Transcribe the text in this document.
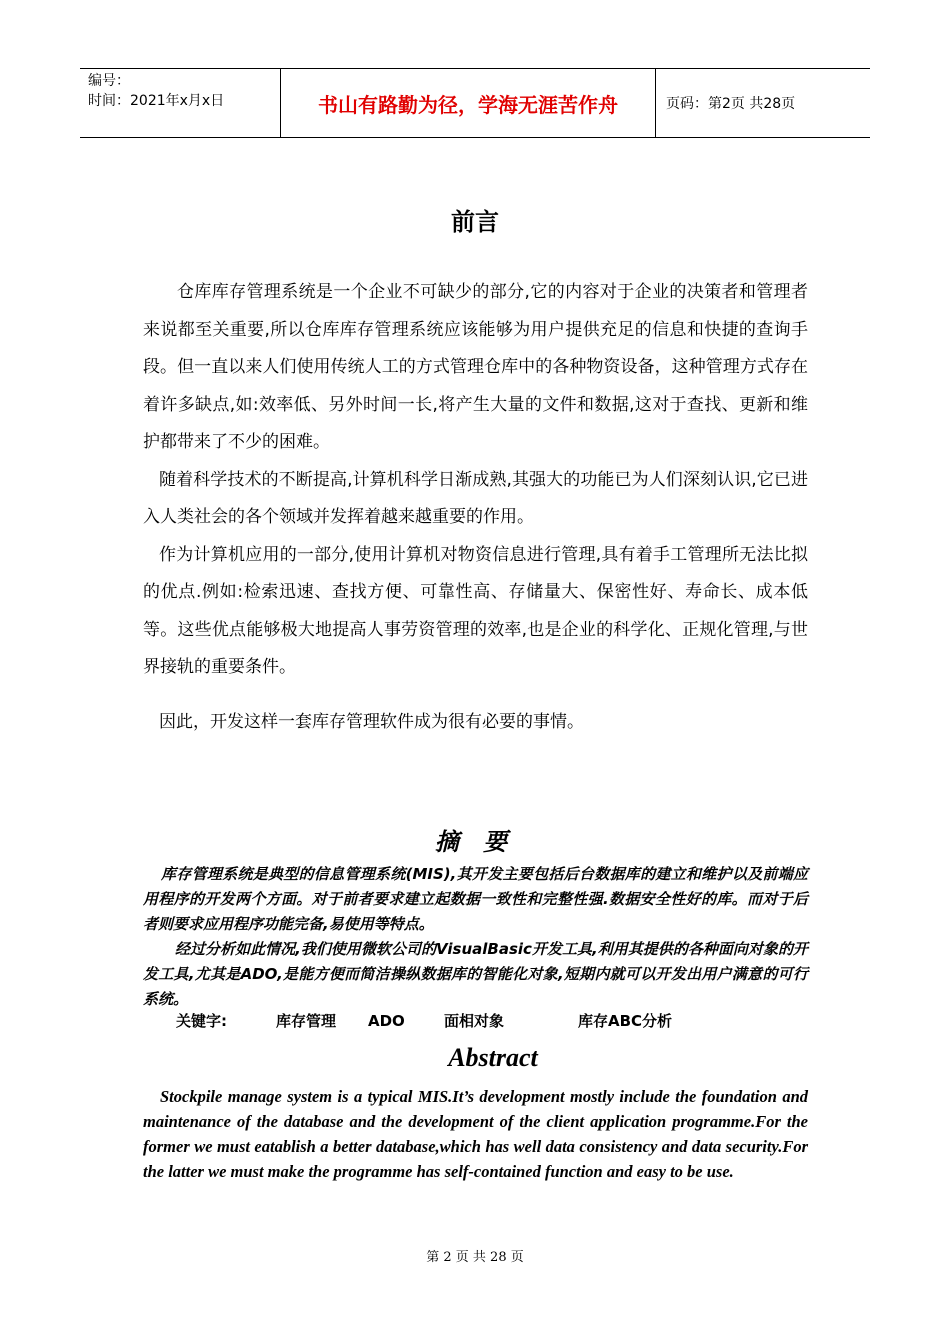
编号：
时间：2021年x月x日	书山有路勤为径，学海无涯苦作舟	页码：第2页 共28页
前言

仓库库存管理系统是一个企业不可缺少的部分,它的内容对于企业的决策者和管理者来说都至关重要,所以仓库库存管理系统应该能够为用户提供充足的信息和快捷的查询手段。但一直以来人们使用传统人工的方式管理仓库中的各种物资设备，这种管理方式存在着许多缺点,如:效率低、另外时间一长,将产生大量的文件和数据,这对于查找、更新和维护都带来了不少的困难。

随着科学技术的不断提高,计算机科学日渐成熟,其强大的功能已为人们深刻认识,它已进入人类社会的各个领域并发挥着越来越重要的作用。

作为计算机应用的一部分,使用计算机对物资信息进行管理,具有着手工管理所无法比拟的优点.例如:检索迅速、查找方便、可靠性高、存储量大、保密性好、寿命长、成本低等。这些优点能够极大地提高人事劳资管理的效率,也是企业的科学化、正规化管理,与世界接轨的重要条件。

因此，开发这样一套库存管理软件成为很有必要的事情。

摘 要

库存管理系统是典型的信息管理系统(MIS),其开发主要包括后台数据库的建立和维护以及前端应用程序的开发两个方面。对于前者要求建立起数据一致性和完整性强.数据安全性好的库。而对于后者则要求应用程序功能完备,易使用等特点。

经过分析如此情况,我们使用微软公司的VisualBasic开发工具,利用其提供的各种面向对象的开发工具,尤其是ADO,是能方便而简洁操纵数据库的智能化对象,短期内就可以开发出用户满意的可行系统。

关键字:	库存管理 ADO	面相对象	库存ABC分析
Abstract
Stockpile manage system is a typical MIS.It’s development mostly include the foundation and maintenance of the database and the development of the client application programme.For the former we must eatablish a better database,which has well data consistency and data security.For the latter we must make the programme has self-contained function and easy to be use.
第 2 页 共 28 页
